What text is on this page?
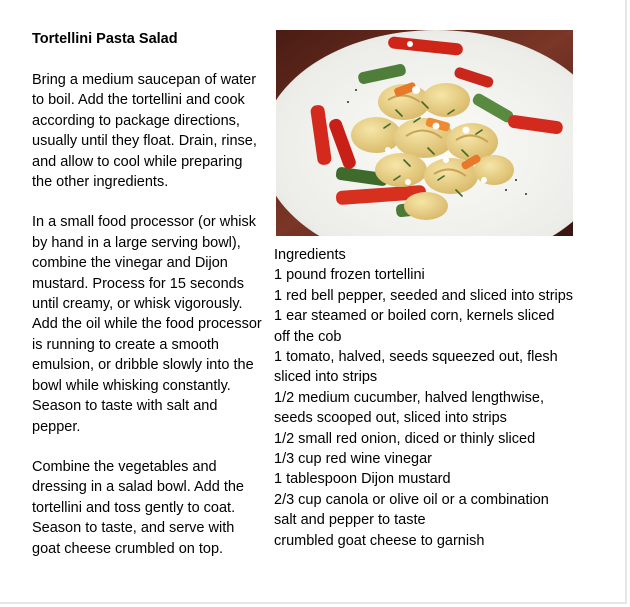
Tortellini Pasta Salad

Bring a medium saucepan of water to boil. Add the tortellini and cook according to package directions, usually until they float. Drain, rinse, and allow to cool while preparing the other ingredients.

In a small food processor (or whisk by hand in a large serving bowl), combine the vinegar and Dijon mustard. Process for 15 seconds until creamy, or whisk vigorously. Add the oil while the food processor is running to create a smooth emulsion, or dribble slowly into the bowl while whisking constantly. Season to taste with salt and pepper.

Combine the vegetables and dressing in a salad bowl. Add the tortellini and toss gently to coat. Season to taste, and serve with goat cheese crumbled on top.

Ingredients
1 pound frozen tortellini
1 red bell pepper, seeded and sliced into strips
1 ear steamed or boiled corn, kernels sliced off the cob
1 tomato, halved, seeds squeezed out, flesh sliced into strips
1/2 medium cucumber, halved lengthwise, seeds scooped out, sliced into strips
1/2 small red onion, diced or thinly sliced
1/3 cup red wine vinegar
1 tablespoon Dijon mustard
2/3 cup canola or olive oil or a combination
salt and pepper to taste
crumbled goat cheese to garnish
